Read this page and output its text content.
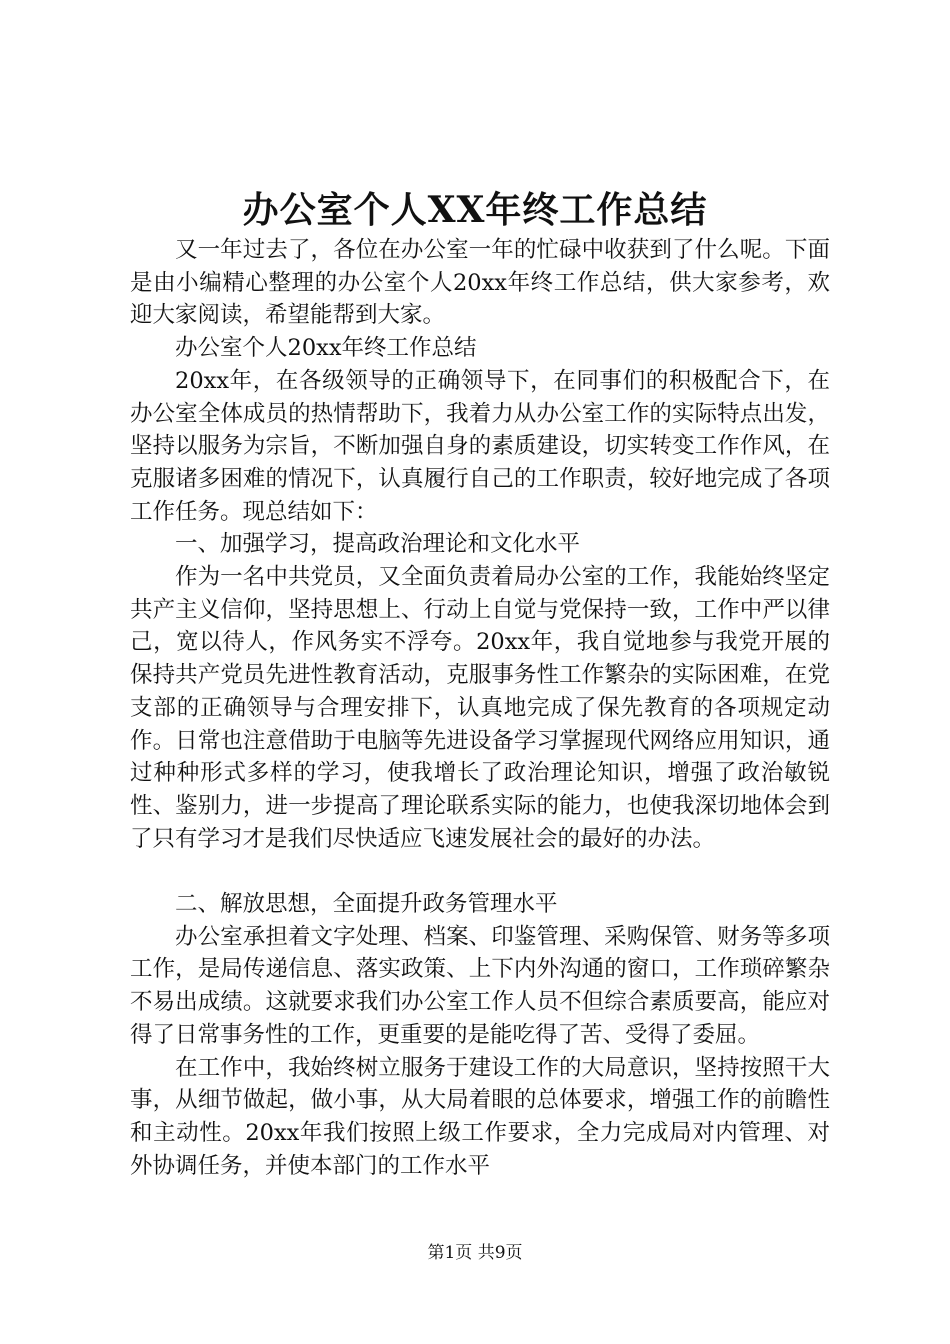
办公室个人XX年终工作总结

又一年过去了，各位在办公室一年的忙碌中收获到了什么呢。下面是由小编精心整理的办公室个人20xx年终工作总结，供大家参考，欢迎大家阅读，希望能帮到大家。

办公室个人20xx年终工作总结

20xx年，在各级领导的正确领导下，在同事们的积极配合下，在办公室全体成员的热情帮助下，我着力从办公室工作的实际特点出发，坚持以服务为宗旨，不断加强自身的素质建设，切实转变工作作风，在克服诸多困难的情况下，认真履行自己的工作职责，较好地完成了各项工作任务。现总结如下：

一、加强学习，提高政治理论和文化水平

作为一名中共党员，又全面负责着局办公室的工作，我能始终坚定共产主义信仰，坚持思想上、行动上自觉与党保持一致，工作中严以律己，宽以待人，作风务实不浮夸。20xx年，我自觉地参与我党开展的保持共产党员先进性教育活动，克服事务性工作繁杂的实际困难，在党支部的正确领导与合理安排下，认真地完成了保先教育的各项规定动作。日常也注意借助于电脑等先进设备学习掌握现代网络应用知识，通过种种形式多样的学习，使我增长了政治理论知识，增强了政治敏锐性、鉴别力，进一步提高了理论联系实际的能力，也使我深切地体会到了只有学习才是我们尽快适应飞速发展社会的最好的办法。

二、解放思想，全面提升政务管理水平

办公室承担着文字处理、档案、印鉴管理、采购保管、财务等多项工作，是局传递信息、落实政策、上下内外沟通的窗口，工作琐碎繁杂不易出成绩。这就要求我们办公室工作人员不但综合素质要高，能应对得了日常事务性的工作，更重要的是能吃得了苦、受得了委屈。

在工作中，我始终树立服务于建设工作的大局意识，坚持按照干大事，从细节做起，做小事，从大局着眼的总体要求，增强工作的前瞻性和主动性。20xx年我们按照上级工作要求，全力完成局对内管理、对外协调任务，并使本部门的工作水平

第1页 共9页
